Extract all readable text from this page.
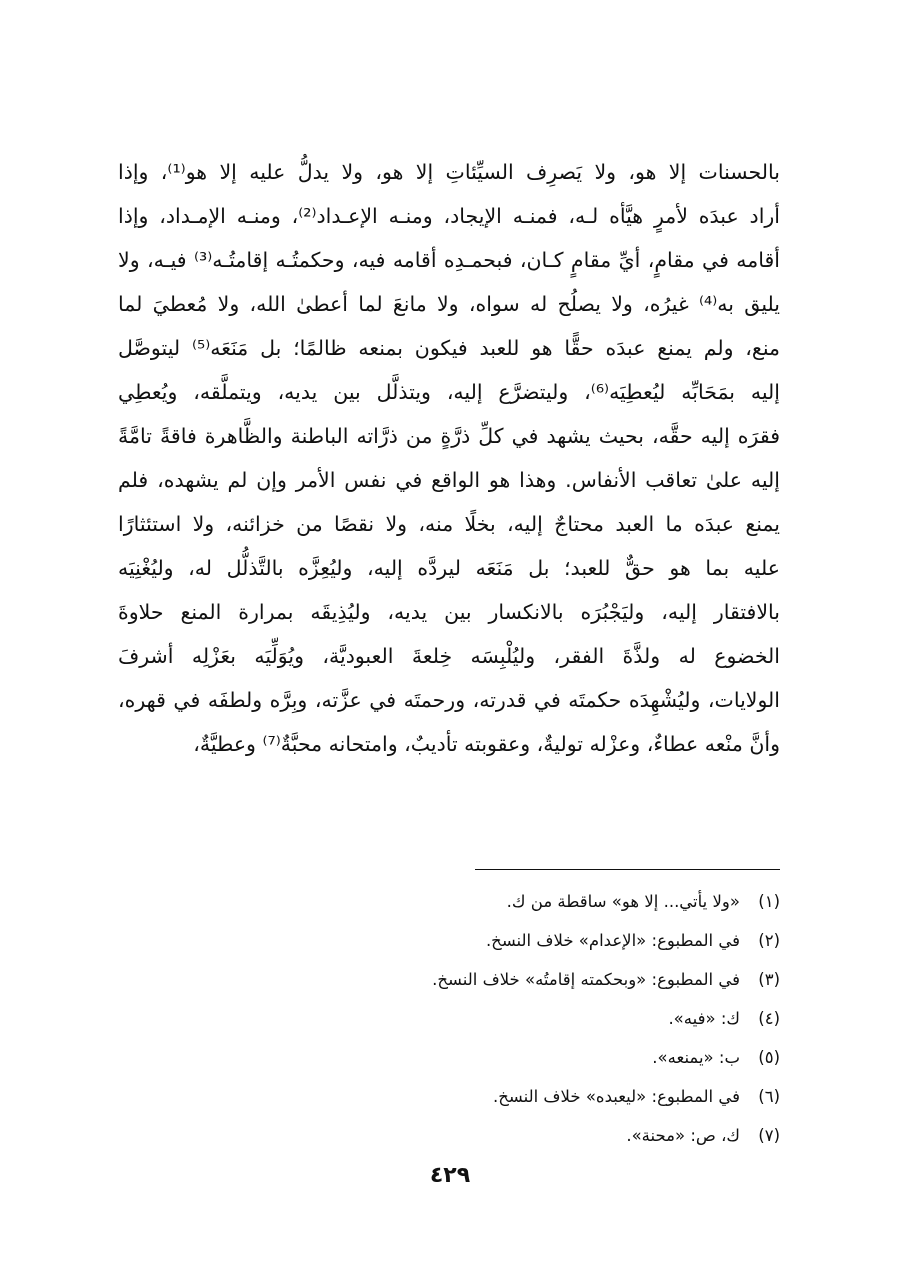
بالحسنات إلا هو، ولا يَصرِف السيِّئاتِ إلا هو، ولا يدلُّ عليه إلا هو⁽¹⁾، وإذا
أراد عبدَه لأمرٍ هيَّأه لـه، فمنـه الإيجاد، ومنـه الإعـداد⁽²⁾، ومنـه الإمـداد، وإذا
أقامه في مقامٍ، أيِّ مقامٍ كـان، فبحمـدِه أقامه فيه، وحكمتُـه إقامتُـه⁽³⁾ فيـه، ولا
يليق به⁽⁴⁾ غيرُه، ولا يصلُح له سواه، ولا مانعَ لما أعطىٰ الله، ولا مُعطيَ لما
منع، ولم يمنع عبدَه حقًّا هو للعبد فيكون بمنعه ظالمًا؛ بل مَنَعَه⁽⁵⁾ ليتوصَّل
إليه بمَحَابِّه ليُعطِيَه⁽⁶⁾، وليتضرَّع إليه، ويتذلَّل بين يديه، ويتملَّقه، ويُعطِي
فقرَه إليه حقَّه، بحيث يشهد في كلِّ ذرَّةٍ من ذرَّاته الباطنة والظَّاهرة فاقةً تامَّةً
إليه علىٰ تعاقب الأنفاس. وهذا هو الواقع في نفس الأمر وإن لم يشهده، فلم
يمنع عبدَه ما العبد محتاجٌ إليه، بخلًا منه، ولا نقصًا من خزائنه، ولا استئثارًا
عليه بما هو حقٌّ للعبد؛ بل مَنَعَه ليردَّه إليه، وليُعِزَّه بالتَّذلُّل له، وليُغْنِيَه
بالافتقار إليه، وليَجْبُرَه بالانكسار بين يديه، وليُذِيقَه بمرارة المنع حلاوةَ
الخضوع له ولذَّةَ الفقر، وليُلْبِسَه خِلعةَ العبوديَّة، ويُوَلِّيَه بعَزْلِه أشرفَ
الولايات، وليُشْهِدَه حكمتَه في قدرته، ورحمتَه في عزَّته، وبِرَّه ولطفَه في قهره،
وأنَّ منْعه عطاءٌ، وعزْله توليةٌ، وعقوبته تأديبٌ، وامتحانه محبَّةٌ⁽⁷⁾ وعطيَّةٌ،
(١)«ولا يأتي... إلا هو» ساقطة من ك.
(٢)في المطبوع: «الإعدام» خلاف النسخ.
(٣)في المطبوع: «وبحكمته إقامتُه» خلاف النسخ.
(٤)ك: «فيه».
(٥)ب: «يمنعه».
(٦)في المطبوع: «ليعبده» خلاف النسخ.
(٧)ك، ص: «محنة».
٤٢٩
